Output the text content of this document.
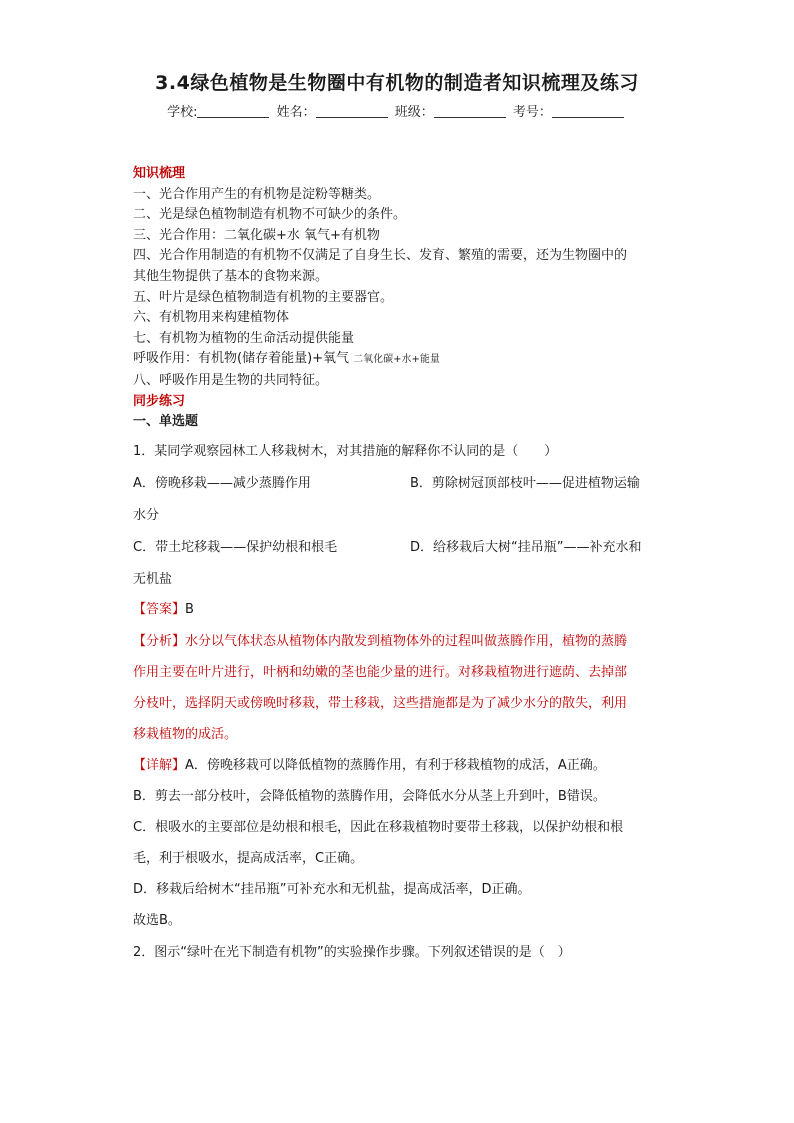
3.4绿色植物是生物圈中有机物的制造者知识梳理及练习
学校:	姓名：	班级：	考号：
知识梳理
一、光合作用产生的有机物是淀粉等糖类。
二、光是绿色植物制造有机物不可缺少的条件。
三、光合作用：二氧化碳+水 氧气+有机物
四、光合作用制造的有机物不仅满足了自身生长、发育、繁殖的需要，还为生物圈中的
其他生物提供了基本的食物来源。
五、叶片是绿色植物制造有机物的主要器官。
六、有机物用来构建植物体
七、有机物为植物的生命活动提供能量
呼吸作用：有机物(储存着能量)+氧气 二氧化碳+水+能量
八、呼吸作用是生物的共同特征。
同步练习
一、单选题
1．某同学观察园林工人移栽树木，对其措施的解释你不认同的是（　　）
A．傍晚移栽——减少蒸腾作用	B．剪除树冠顶部枝叶——促进植物运输
水分
C．带土坨移栽——保护幼根和根毛	D．给移栽后大树“挂吊瓶”——补充水和
无机盐
【答案】B
【分析】水分以气体状态从植物体内散发到植物体外的过程叫做蒸腾作用，植物的蒸腾
作用主要在叶片进行，叶柄和幼嫩的茎也能少量的进行。对移栽植物进行遮荫、去掉部
分枝叶，选择阴天或傍晚时移栽，带土移栽，这些措施都是为了减少水分的散失，利用
移栽植物的成活。
【详解】A．傍晚移栽可以降低植物的蒸腾作用，有利于移栽植物的成活，A正确。
B．剪去一部分枝叶，会降低植物的蒸腾作用，会降低水分从茎上升到叶，B错误。
C．根吸水的主要部位是幼根和根毛，因此在移栽植物时要带土移栽，以保护幼根和根
毛，利于根吸水，提高成活率，C正确。
D．移栽后给树木“挂吊瓶”可补充水和无机盐，提高成活率，D正确。
故选B。
2．图示“绿叶在光下制造有机物”的实验操作步骤。下列叙述错误的是（　）
